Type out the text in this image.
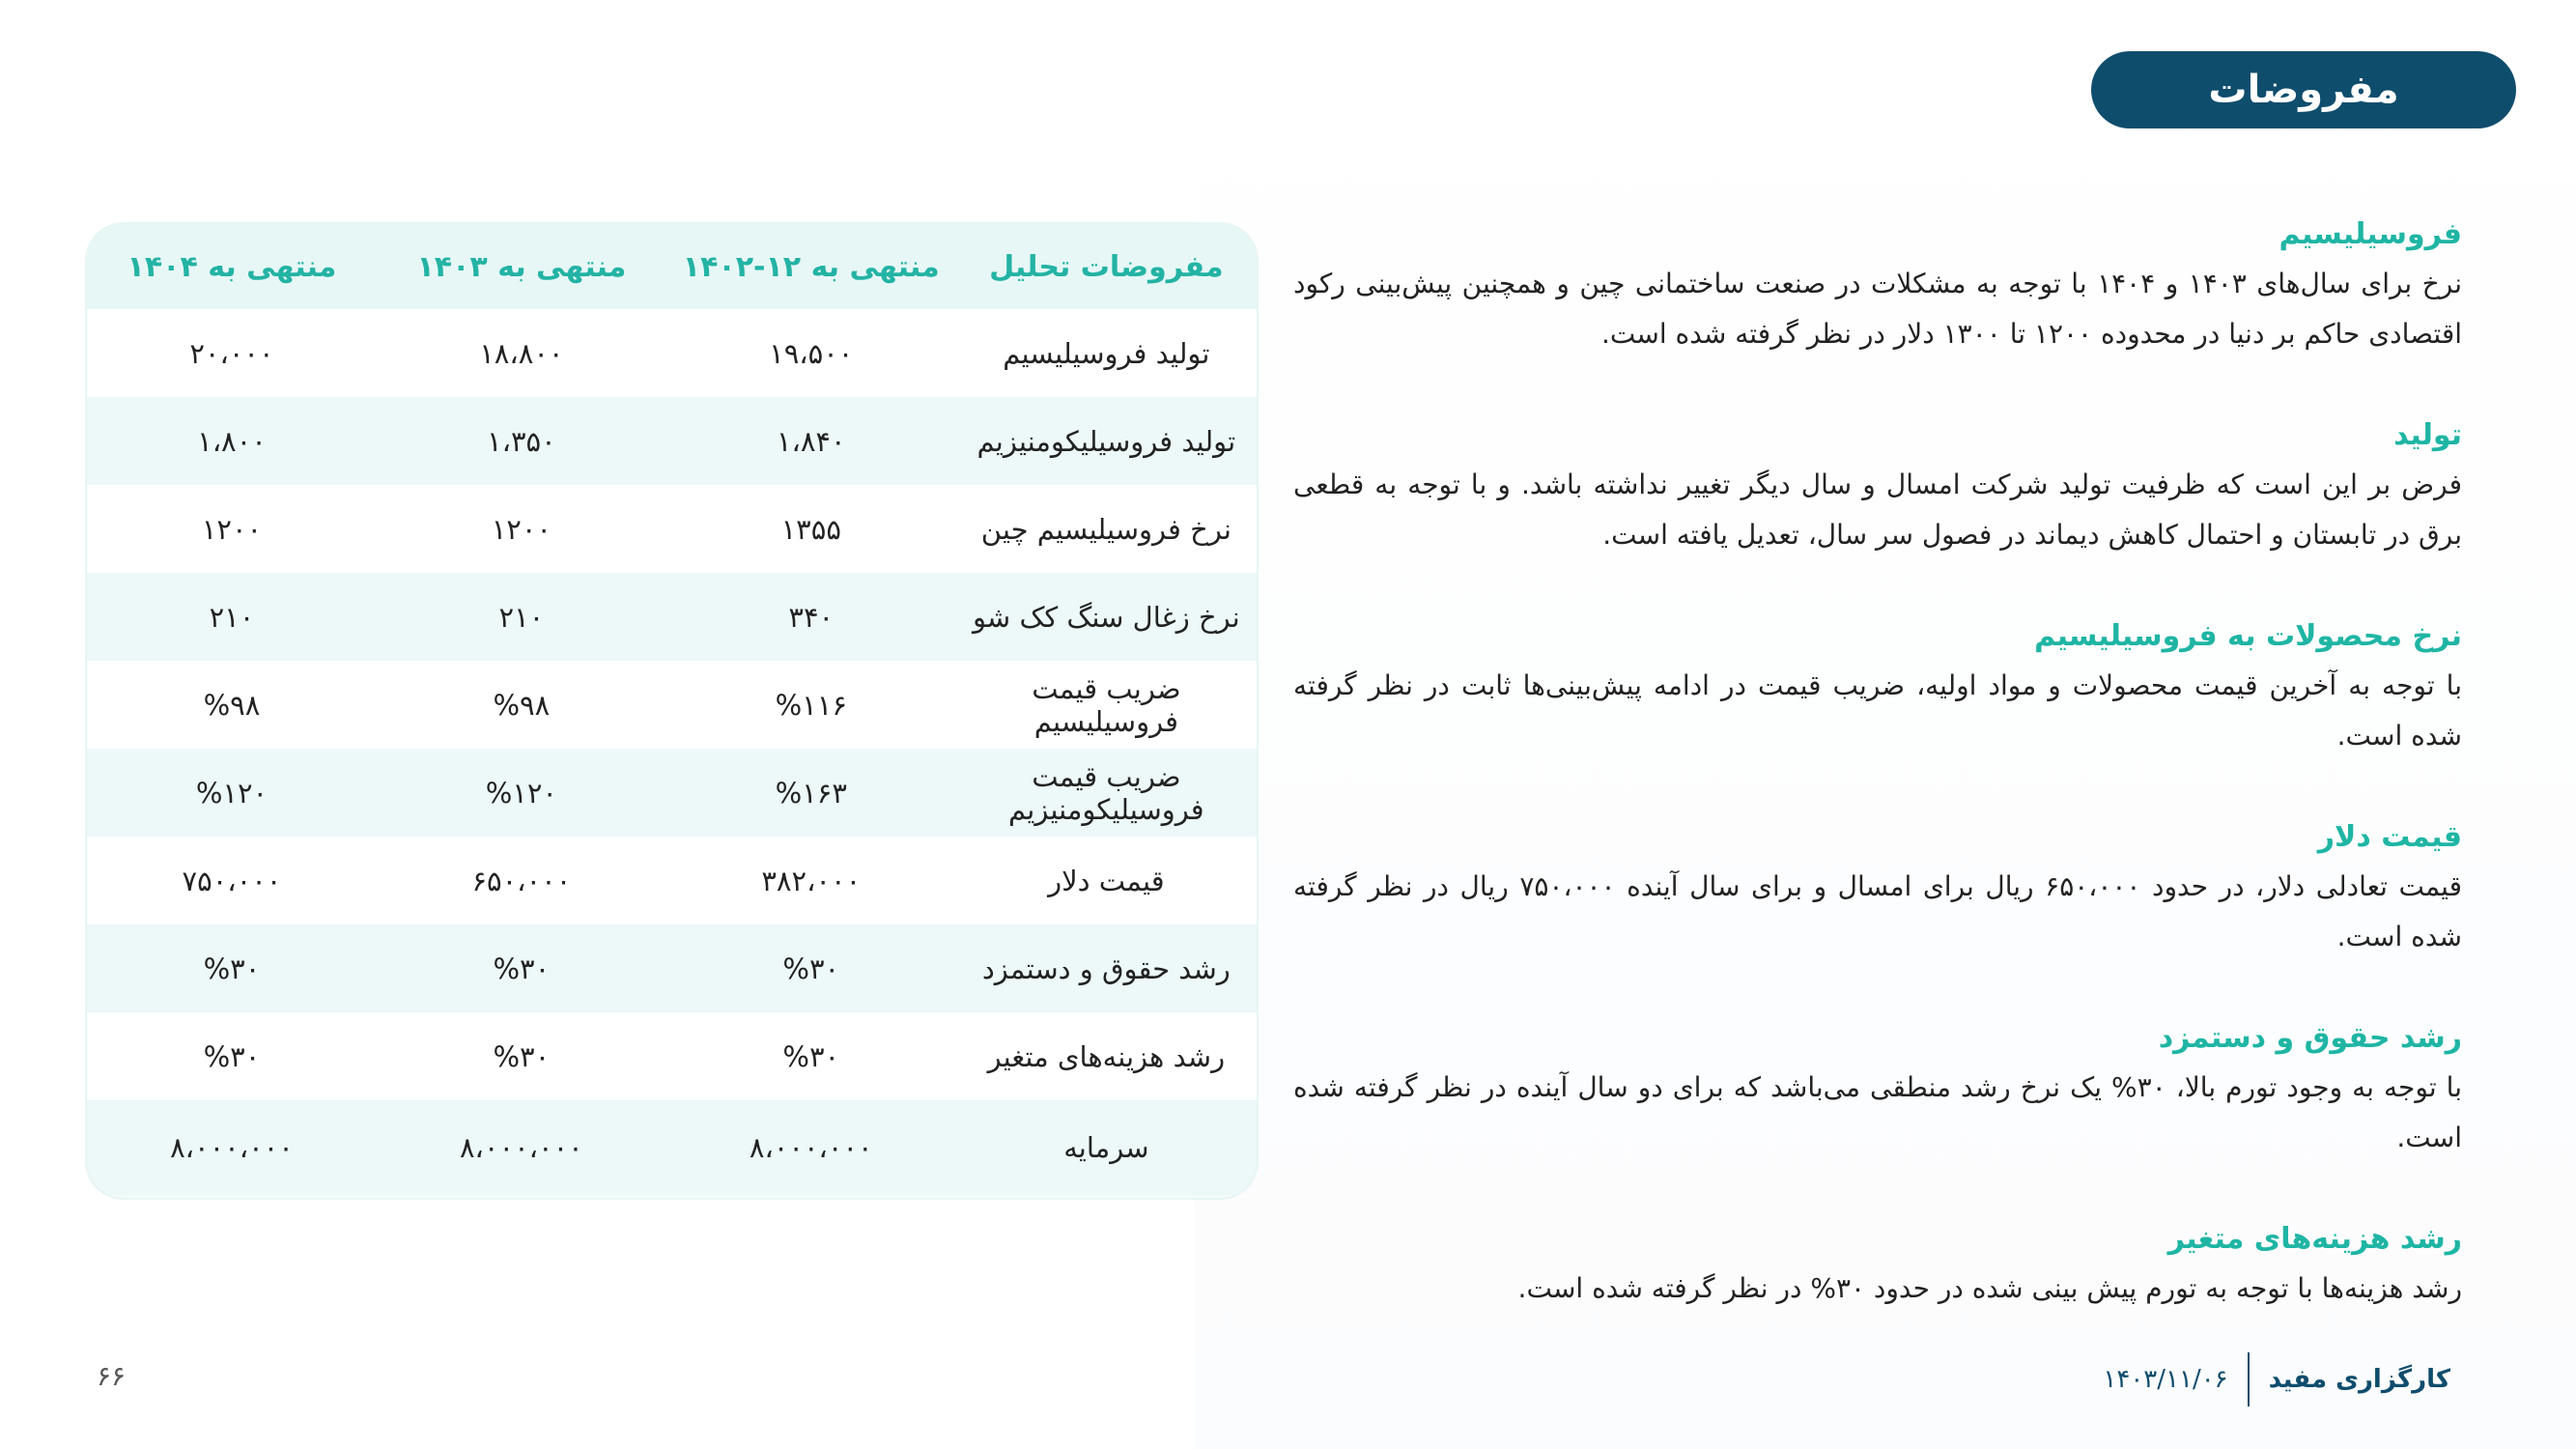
مفروضات
مفروضات تحلیل	منتهی به ۱۲-۱۴۰۲	منتهی به ۱۴۰۳	منتهی به ۱۴۰۴
تولید فروسیلیسیم	۱۹،۵۰۰	۱۸،۸۰۰	۲۰،۰۰۰
تولید فروسیلیکومنیزیم	۱،۸۴۰	۱،۳۵۰	۱،۸۰۰
نرخ فروسیلیسیم چین	۱۳۵۵	۱۲۰۰	۱۲۰۰
نرخ زغال سنگ کک شو	۳۴۰	۲۱۰	۲۱۰
ضریب قیمت فروسیلیسیم	%۱۱۶	%۹۸	%۹۸
ضریب قیمت فروسیلیکومنیزیم	%۱۶۳	%۱۲۰	%۱۲۰
قیمت دلار	۳۸۲،۰۰۰	۶۵۰،۰۰۰	۷۵۰،۰۰۰
رشد حقوق و دستمزد	%۳۰	%۳۰	%۳۰
رشد هزینه‌های متغیر	%۳۰	%۳۰	%۳۰
سرمایه	۸،۰۰۰،۰۰۰	۸،۰۰۰،۰۰۰	۸،۰۰۰،۰۰۰
فروسیلیسیم

نرخ برای سال‌های ۱۴۰۳ و ۱۴۰۴ با توجه به مشکلات در صنعت ساختمانی چین و همچنین پیش‌بینی رکود اقتصادی حاکم بر دنیا در محدوده ۱۲۰۰ تا ۱۳۰۰ دلار در نظر گرفته شده است.

تولید

فرض بر این است که ظرفیت تولید شرکت امسال و سال دیگر تغییر نداشته باشد. و با توجه به قطعی برق در تابستان و احتمال کاهش دیماند در فصول سر سال، تعدیل یافته است.

نرخ محصولات به فروسیلیسیم

با توجه به آخرین قیمت محصولات و مواد اولیه، ضریب قیمت در ادامه پیش‌بینی‌ها ثابت در نظر گرفته شده است.

قیمت دلار

قیمت تعادلی دلار، در حدود ۶۵۰،۰۰۰ ریال برای امسال و برای سال آینده ۷۵۰،۰۰۰ ریال در نظر گرفته شده است.

رشد حقوق و دستمزد

با توجه به وجود تورم بالا، ۳۰% یک نرخ رشد منطقی می‌باشد که برای دو سال آینده در نظر گرفته شده است.

رشد هزینه‌های متغیر

رشد هزینه‌ها با توجه به تورم پیش بینی شده در حدود ۳۰% در نظر گرفته شده است.

۶۶	کارگزاری مفید
۱۴۰۳/۱۱/۰۶
